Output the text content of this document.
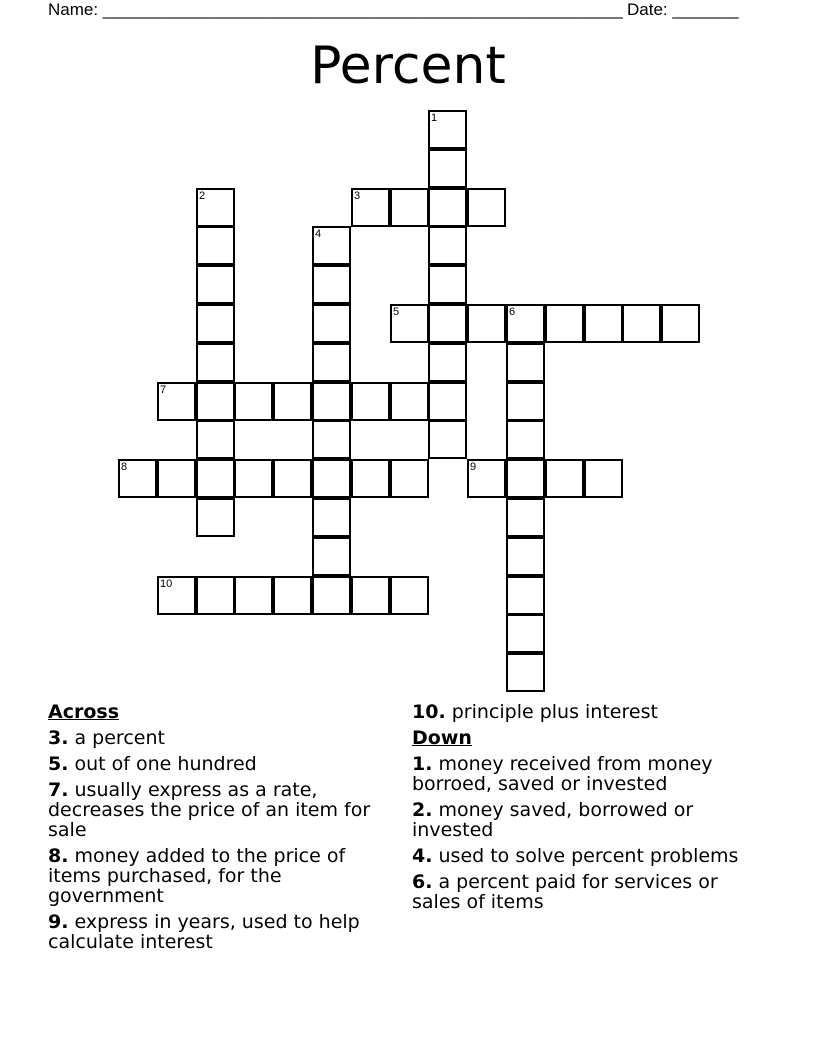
Name: _______________________________________________________ Date: _______
Percent
1
2	3
4
5	6
7
8	9
10
Across
3. a percent
5. out of one hundred
7. usually express as a rate, decreases the price of an item for sale
8. money added to the price of items purchased, for the government
9. express in years, used to help calculate interest
10. principle plus interest
Down
1. money received from money borroed, saved or invested
2. money saved, borrowed or invested
4. used to solve percent problems
6. a percent paid for services or sales of items
